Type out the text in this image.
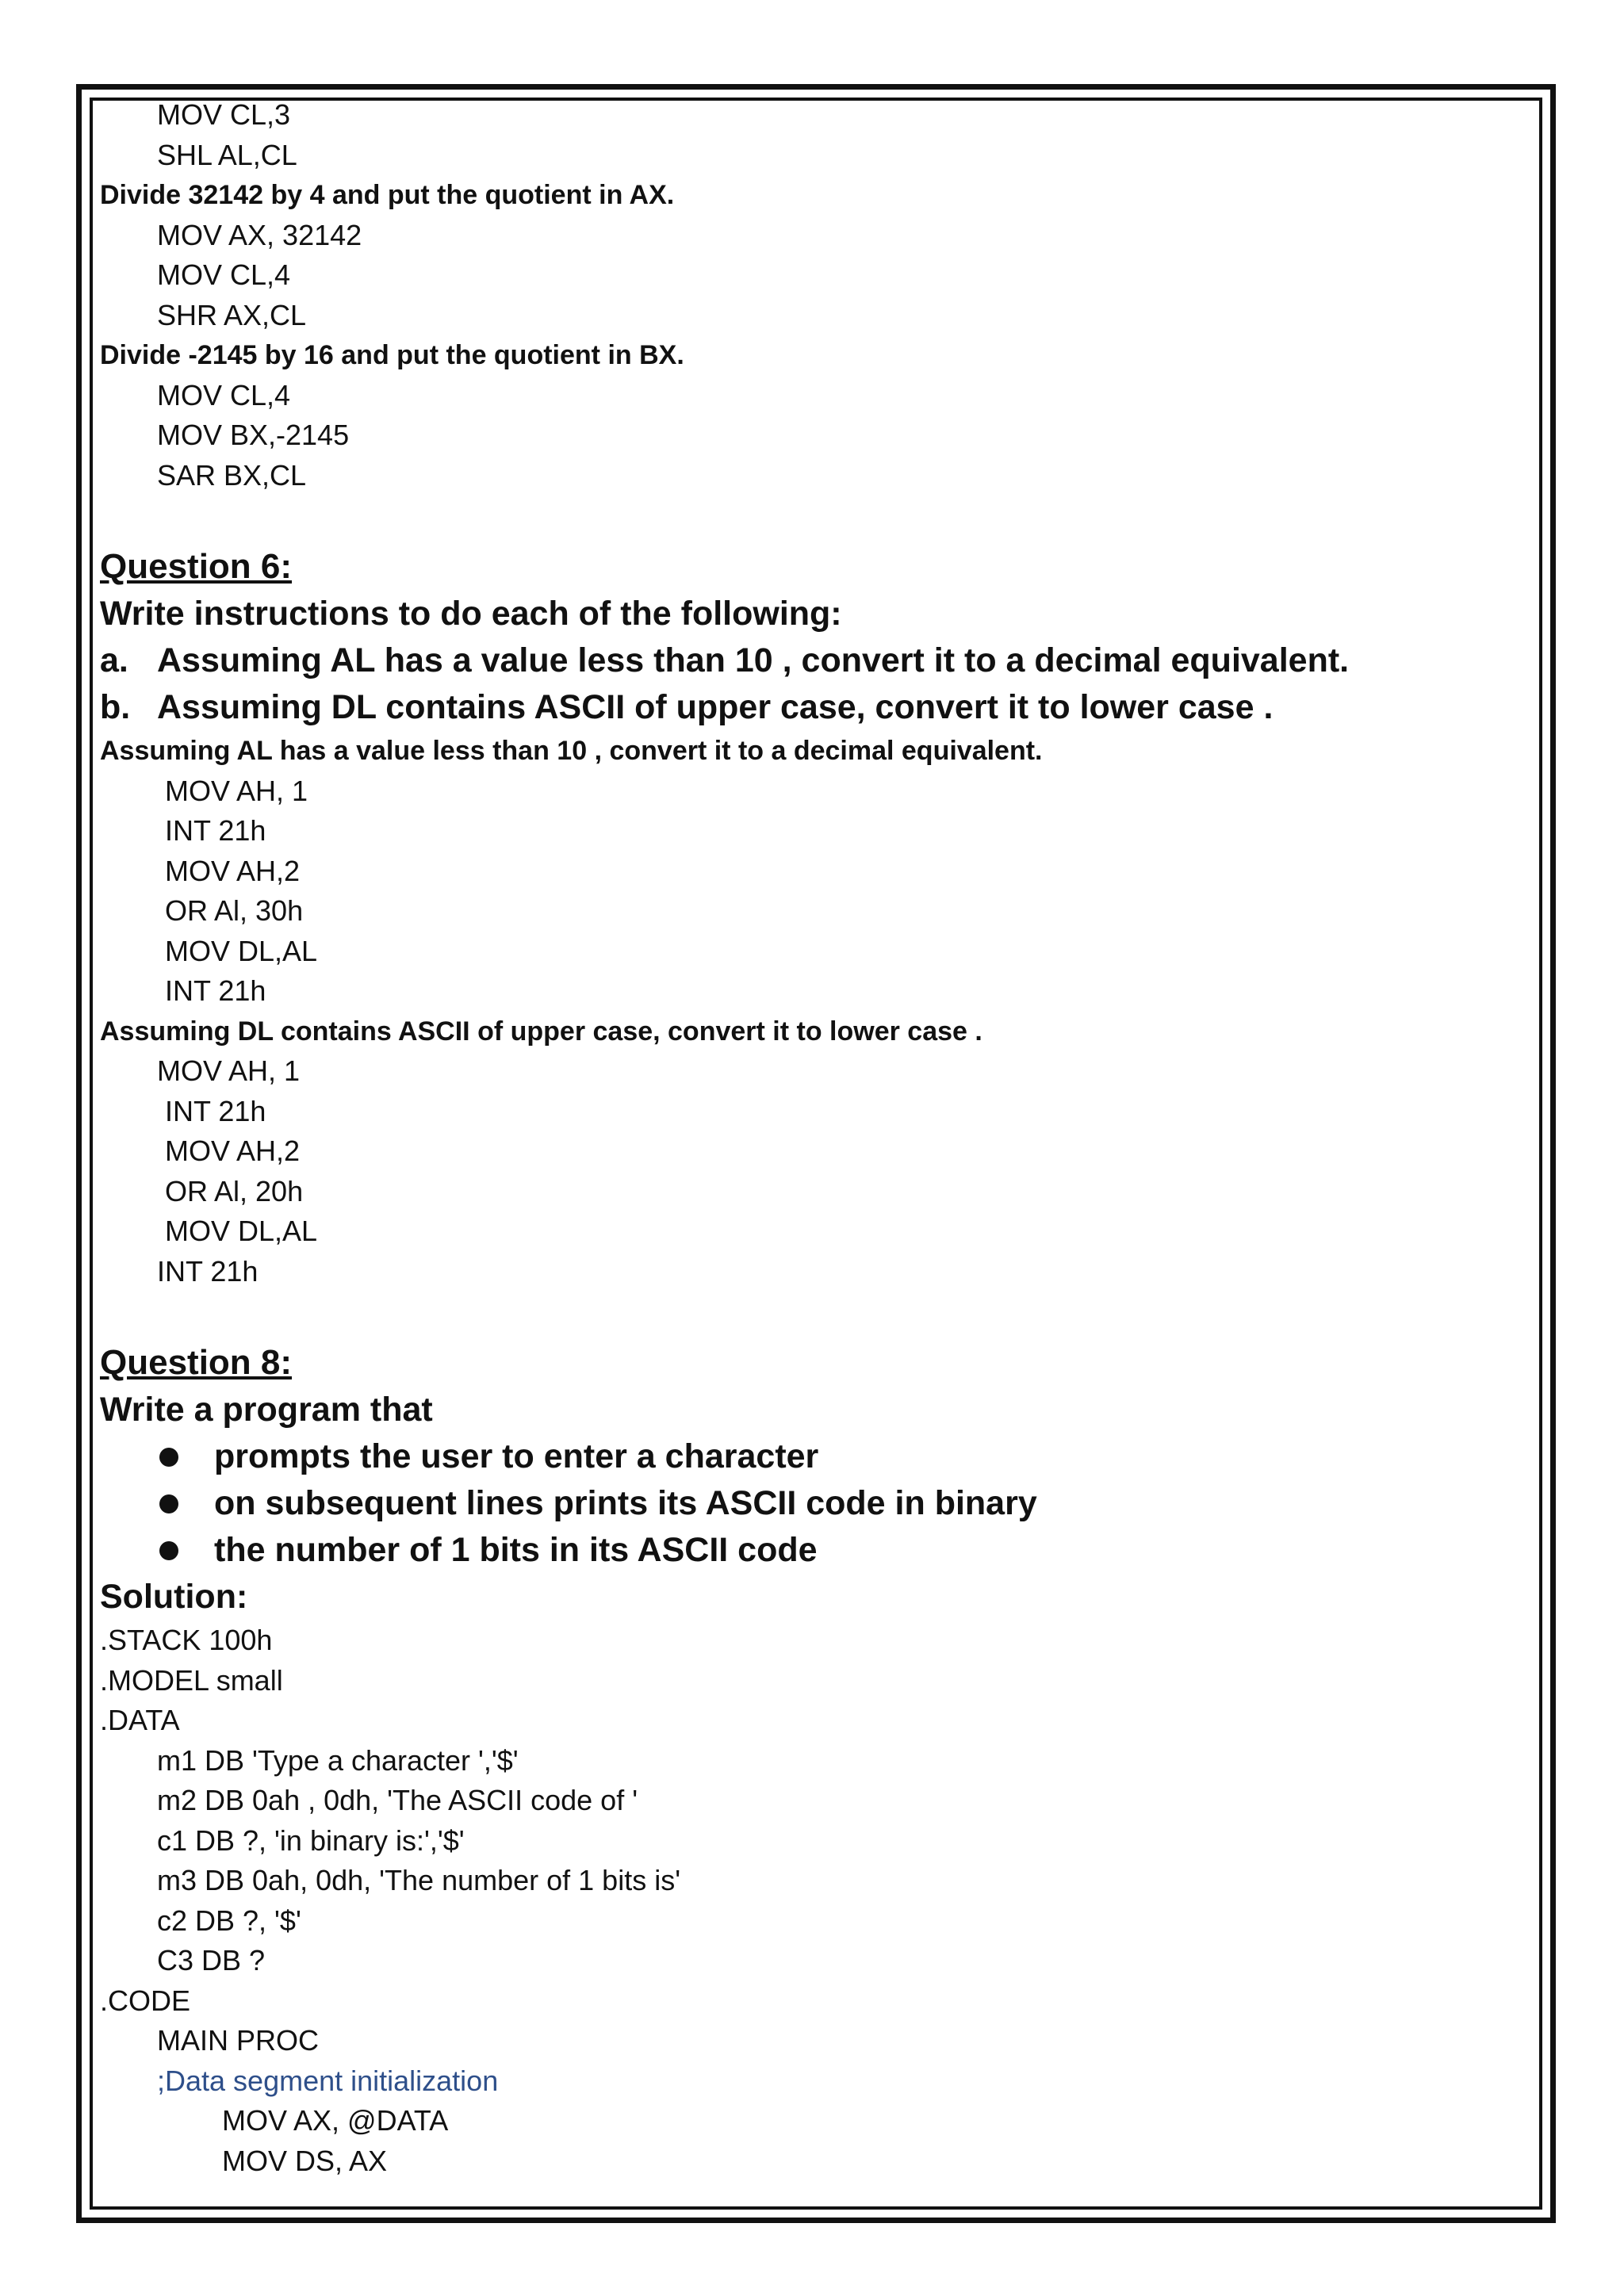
MOV CL,3
SHL AL,CL
Divide 32142 by 4 and put the quotient in AX.
MOV AX, 32142
MOV CL,4
SHR AX,CL
Divide -2145 by 16 and put the quotient in BX.
MOV CL,4
MOV BX,-2145
SAR BX,CL
Question 6:
Write instructions to do each of the following:
a. Assuming AL has a value less than 10 , convert it to a decimal equivalent.
b. Assuming DL contains ASCII of upper case, convert it to lower case .
Assuming AL has a value less than 10 , convert it to a decimal equivalent.
MOV AH, 1
INT 21h
MOV AH,2
OR Al, 30h
MOV DL,AL
INT 21h
Assuming DL contains ASCII of upper case, convert it to lower case .
MOV AH, 1
INT 21h
MOV AH,2
OR Al, 20h
MOV DL,AL
INT 21h
Question 8:
Write a program that
prompts the user to enter a character
on subsequent lines prints its ASCII code in binary
the number of 1 bits in its ASCII code
Solution:
.STACK 100h
.MODEL small
.DATA
m1 DB 'Type a character ','$'
m2 DB 0ah , 0dh, 'The ASCII code of '
c1 DB ?, 'in binary is:','$'
m3 DB 0ah, 0dh, 'The number of 1 bits is'
c2 DB ?, '$'
C3 DB ?
.CODE
MAIN PROC
;Data segment initialization
MOV AX, @DATA
MOV DS, AX
